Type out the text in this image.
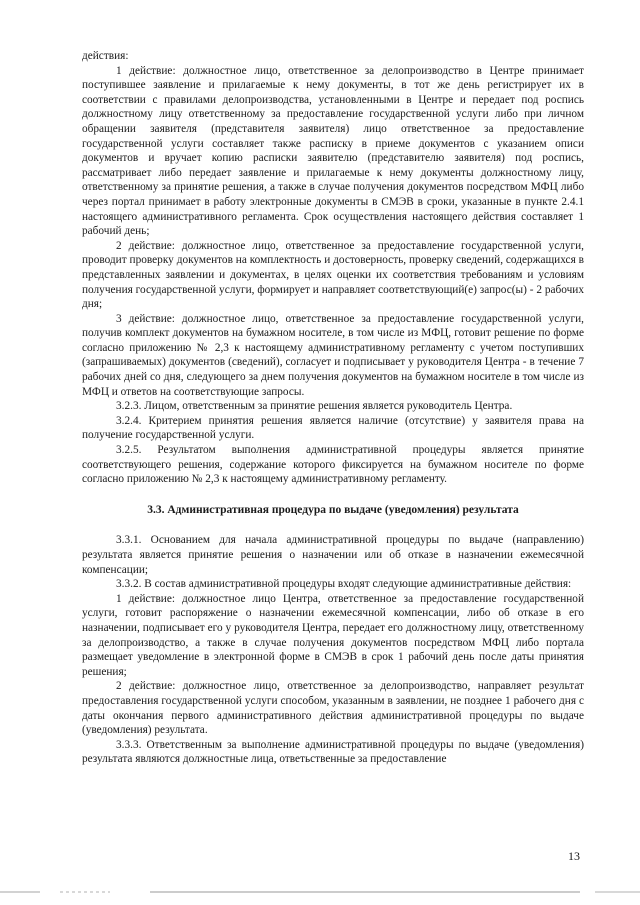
действия:

1 действие: должностное лицо, ответственное за делопроизводство в Центре принимает поступившее заявление и прилагаемые к нему документы, в тот же день регистрирует их в соответствии с правилами делопроизводства, установленными в Центре и передает под роспись должностному лицу ответственному за предоставление государственной услуги либо при личном обращении заявителя (представителя заявителя) лицо ответственное за предоставление государственной услуги составляет также расписку в приеме документов с указанием описи документов и вручает копию расписки заявителю (представителю заявителя) под роспись, рассматривает либо передает заявление и прилагаемые к нему документы должностному лицу, ответственному за принятие решения, а также в случае получения документов посредством МФЦ либо через портал принимает в работу электронные документы в СМЭВ в сроки, указанные в пункте 2.4.1 настоящего административного регламента. Срок осуществления настоящего действия составляет 1 рабочий день;

2 действие: должностное лицо, ответственное за предоставление государственной услуги, проводит проверку документов на комплектность и достоверность, проверку сведений, содержащихся в представленных заявлении и документах, в целях оценки их соответствия требованиям и условиям получения государственной услуги, формирует и направляет соответствующий(е) запрос(ы) - 2 рабочих дня;

3 действие: должностное лицо, ответственное за предоставление государственной услуги, получив комплект документов на бумажном носителе, в том числе из МФЦ, готовит решение по форме согласно приложению № 2,3 к настоящему административному регламенту с учетом поступивших (запрашиваемых) документов (сведений), согласует и подписывает у руководителя Центра - в течение 7 рабочих дней со дня, следующего за днем получения документов на бумажном носителе в том числе из МФЦ и ответов на соответствующие запросы.

3.2.3. Лицом, ответственным за принятие решения является руководитель Центра.

3.2.4. Критерием принятия решения является наличие (отсутствие) у заявителя права на получение государственной услуги.

3.2.5. Результатом выполнения административной процедуры является принятие соответствующего решения, содержание которого фиксируется на бумажном носителе по форме согласно приложению № 2,3 к настоящему административному регламенту.

3.3. Административная процедура по выдаче (уведомления) результата

3.3.1. Основанием для начала административной процедуры по выдаче (направлению) результата является принятие решения о назначении или об отказе в назначении ежемесячной компенсации;

3.3.2. В состав административной процедуры входят следующие административные действия:

1 действие: должностное лицо Центра, ответственное за предоставление государственной услуги, готовит распоряжение о назначении ежемесячной компенсации, либо об отказе в его назначении, подписывает его у руководителя Центра, передает его должностному лицу, ответственному за делопроизводство, а также в случае получения документов посредством МФЦ либо портала размещает уведомление в электронной форме в СМЭВ в срок 1 рабочий день после даты принятия решения;

2 действие: должностное лицо, ответственное за делопроизводство, направляет результат предоставления государственной услуги способом, указанным в заявлении, не позднее 1 рабочего дня с даты окончания первого административного действия административной процедуры по выдаче (уведомления) результата.

3.3.3. Ответственным за выполнение административной процедуры по выдаче (уведомления) результата являются должностные лица, ответьственные за предоставление

13
